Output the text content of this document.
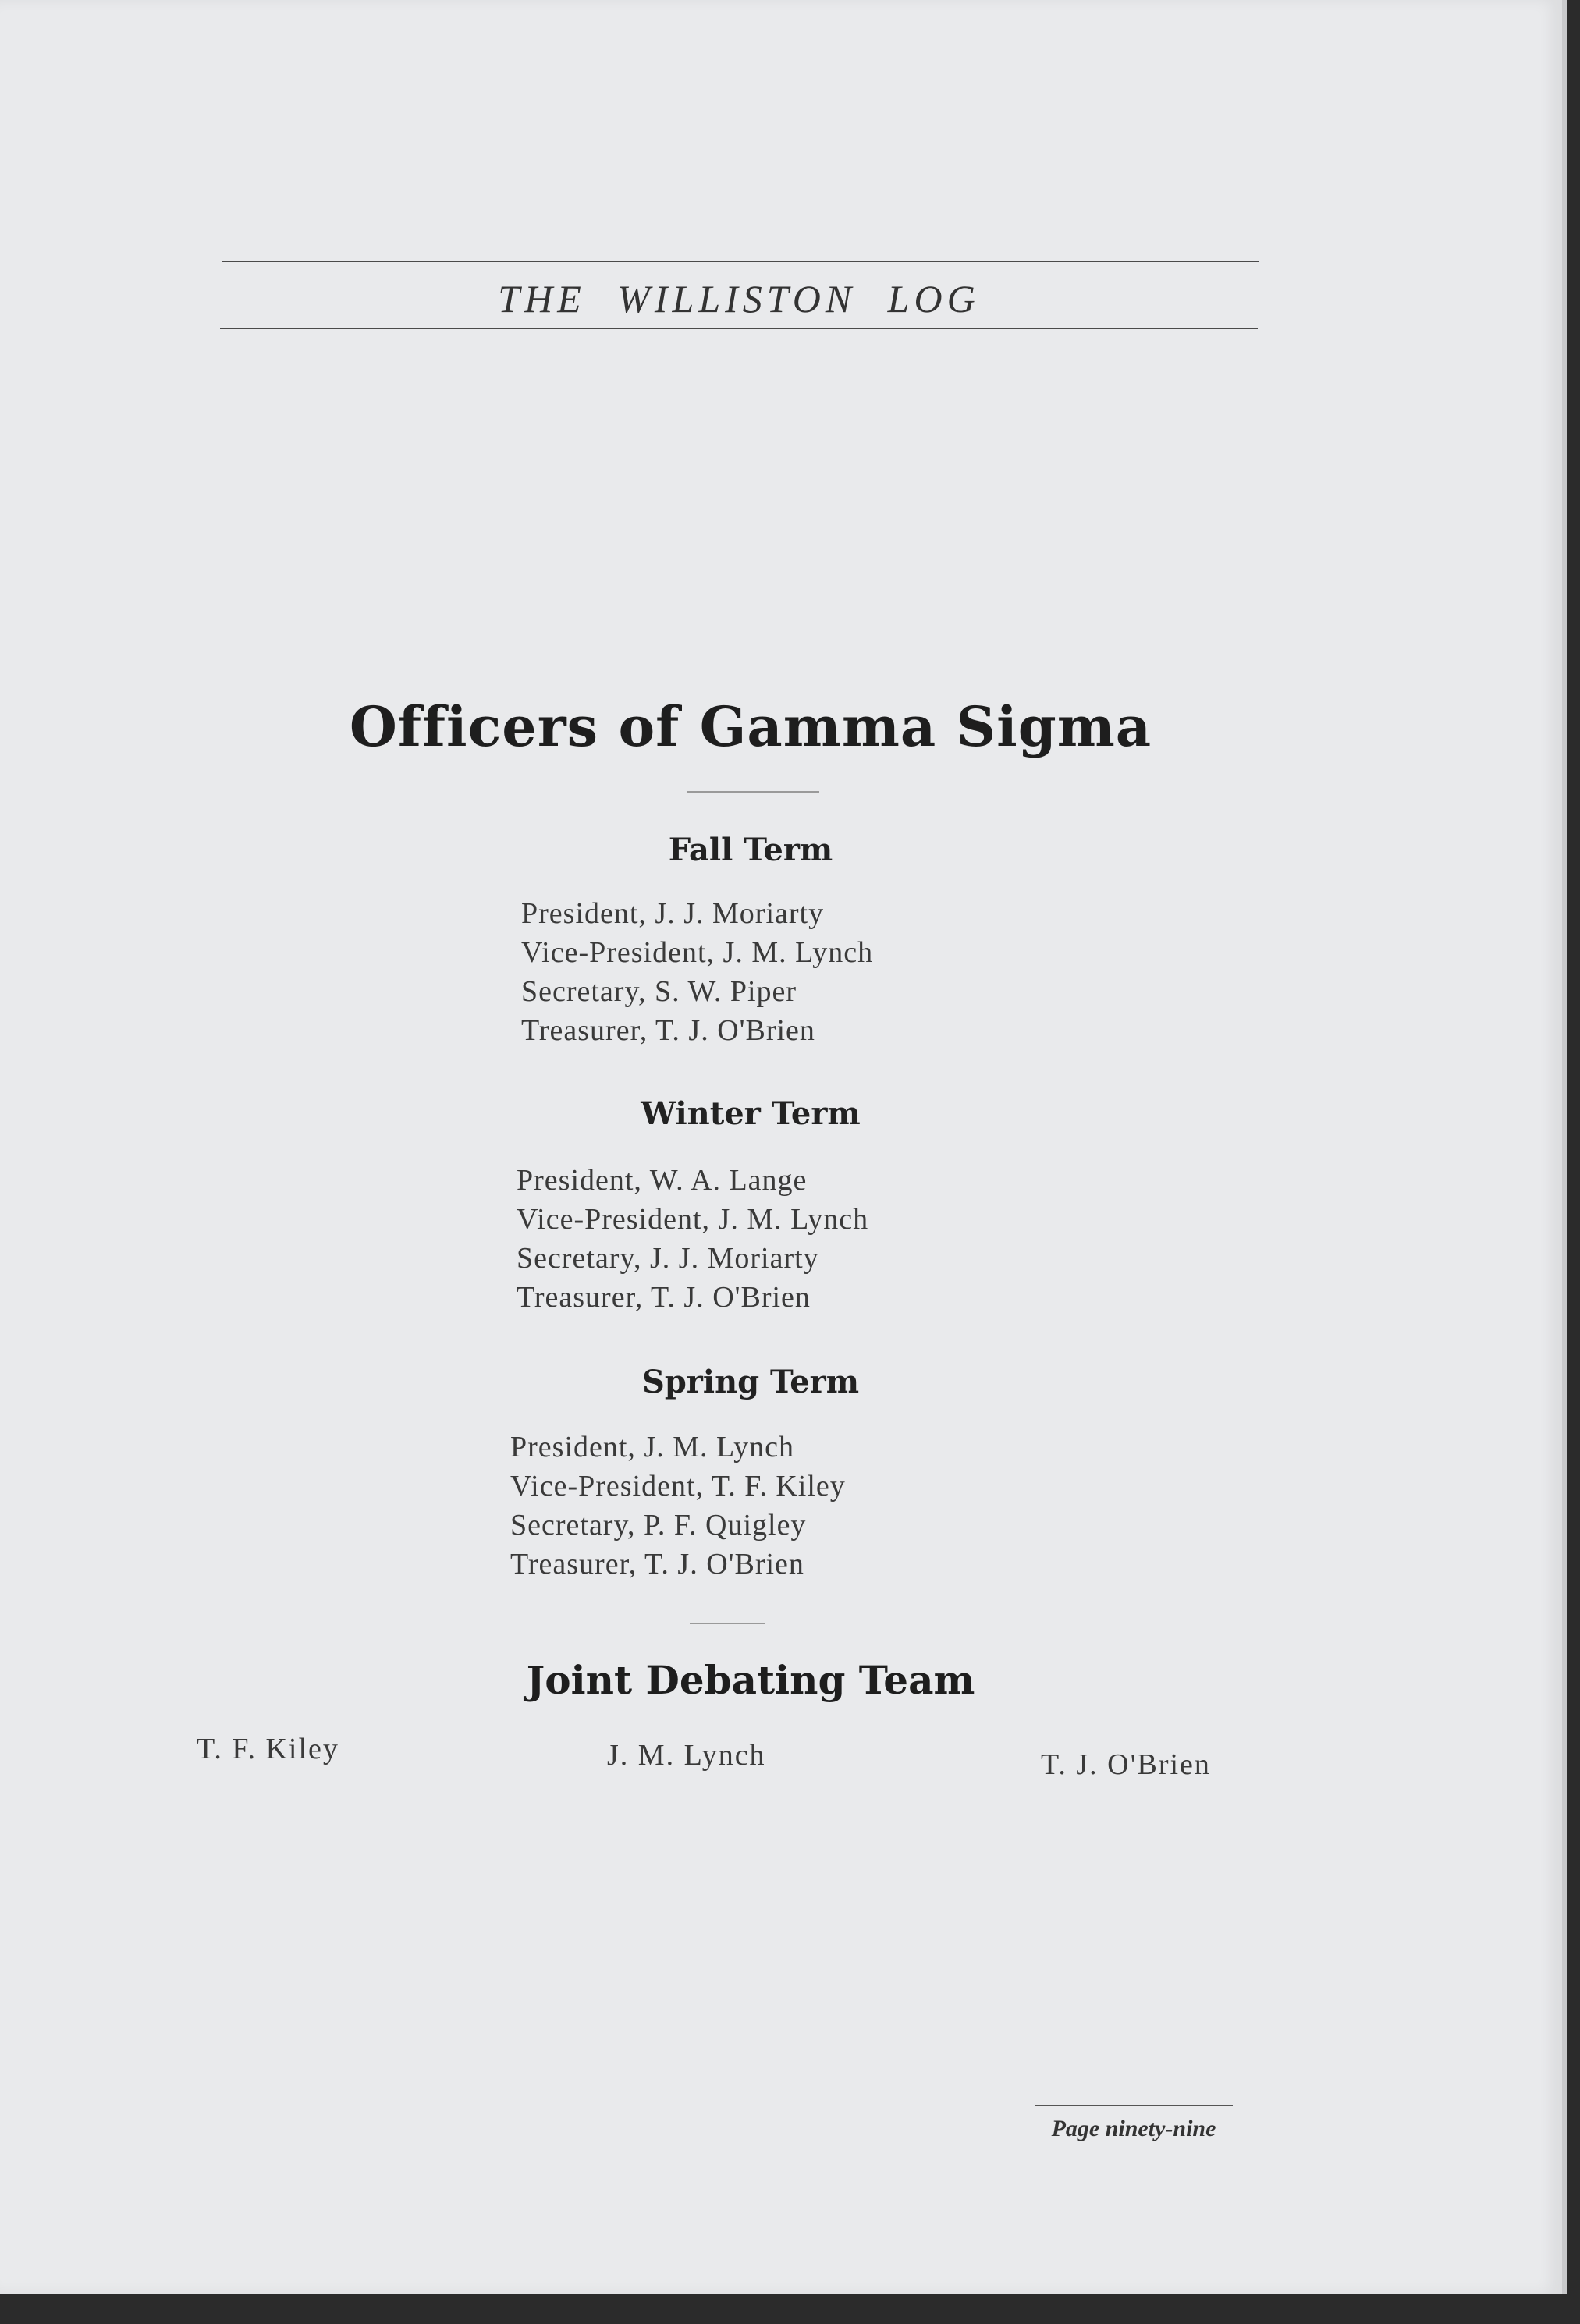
THE WILLISTON LOG
Officers of Gamma Sigma
Fall Term
President, J. J. Moriarty
Vice-President, J. M. Lynch
Secretary, S. W. Piper
Treasurer, T. J. O'Brien
Winter Term
President, W. A. Lange
Vice-President, J. M. Lynch
Secretary, J. J. Moriarty
Treasurer, T. J. O'Brien
Spring Term
President, J. M. Lynch
Vice-President, T. F. Kiley
Secretary, P. F. Quigley
Treasurer, T. J. O'Brien
Joint Debating Team
T. F. Kiley	J. M. Lynch	T. J. O'Brien
Page ninety-nine
